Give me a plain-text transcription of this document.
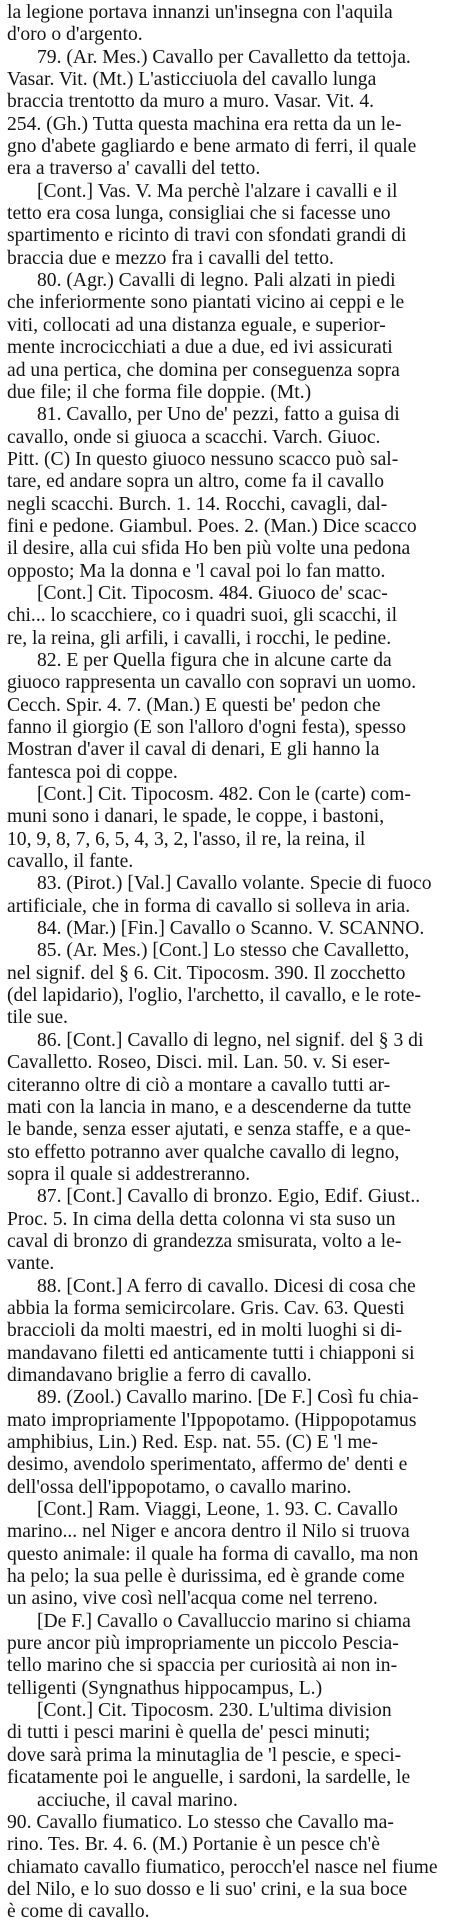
la legione portava innanzi un'insegna con l'aquila
d'oro o d'argento.
79. (Ar. Mes.) Cavallo per Cavalletto da tettoja.
Vasar. Vit. (Mt.) L'asticciuola del cavallo lunga
braccia trentotto da muro a muro. Vasar. Vit. 4.
254. (Gh.) Tutta questa machina era retta da un le-
gno d'abete gagliardo e bene armato di ferri, il quale
era a traverso a' cavalli del tetto.
[Cont.] Vas. V. Ma perchè l'alzare i cavalli e il
tetto era cosa lunga, consigliai che si facesse uno
spartimento e ricinto di travi con sfondati grandi di
braccia due e mezzo fra i cavalli del tetto.
80. (Agr.) Cavalli di legno. Pali alzati in piedi
che inferiormente sono piantati vicino ai ceppi e le
viti, collocati ad una distanza eguale, e superior-
mente incrocicchiati a due a due, ed ivi assicurati
ad una pertica, che domina per conseguenza sopra
due file; il che forma file doppie. (Mt.)
81. Cavallo, per Uno de' pezzi, fatto a guisa di
cavallo, onde si giuoca a scacchi. Varch. Giuoc.
Pitt. (C) In questo giuoco nessuno scacco può sal-
tare, ed andare sopra un altro, come fa il cavallo
negli scacchi. Burch. 1. 14. Rocchi, cavagli, dal-
fini e pedone. Giambul. Poes. 2. (Man.) Dice scacco
il desire, alla cui sfida Ho ben più volte una pedona
opposto; Ma la donna e 'l caval poi lo fan matto.
[Cont.] Cit. Tipocosm. 484. Giuoco de' scac-
chi... lo scacchiere, co i quadri suoi, gli scacchi, il
re, la reina, gli arfili, i cavalli, i rocchi, le pedine.
82. E per Quella figura che in alcune carte da
giuoco rappresenta un cavallo con sopravi un uomo.
Cecch. Spir. 4. 7. (Man.) E questi be' pedon che
fanno il giorgio (E son l'alloro d'ogni festa), spesso
Mostran d'aver il caval di denari, E gli hanno la
fantesca poi di coppe.
[Cont.] Cit. Tipocosm. 482. Con le (carte) com-
muni sono i danari, le spade, le coppe, i bastoni,
10, 9, 8, 7, 6, 5, 4, 3, 2, l'asso, il re, la reina, il
cavallo, il fante.
83. (Pirot.) [Val.] Cavallo volante. Specie di fuoco
artificiale, che in forma di cavallo si solleva in aria.
84. (Mar.) [Fin.] Cavallo o Scanno. V. SCANNO.
85. (Ar. Mes.) [Cont.] Lo stesso che Cavalletto,
nel signif. del § 6. Cit. Tipocosm. 390. Il zocchetto
(del lapidario), l'oglio, l'archetto, il cavallo, e le rote-
tile sue.
86. [Cont.] Cavallo di legno, nel signif. del § 3 di
Cavalletto. Roseo, Disci. mil. Lan. 50. v. Si eser-
citeranno oltre di ciò a montare a cavallo tutti ar-
mati con la lancia in mano, e a descenderne da tutte
le bande, senza esser ajutati, e senza staffe, e a que-
sto effetto potranno aver qualche cavallo di legno,
sopra il quale si addestreranno.
87. [Cont.] Cavallo di bronzo. Egio, Edif. Giust..
Proc. 5. In cima della detta colonna vi sta suso un
caval di bronzo di grandezza smisurata, volto a le-
vante.
88. [Cont.] A ferro di cavallo. Dicesi di cosa che
abbia la forma semicircolare. Gris. Cav. 63. Questi
braccioli da molti maestri, ed in molti luoghi si di-
mandavano filetti ed anticamente tutti i chiapponi si
dimandavano briglie a ferro di cavallo.
89. (Zool.) Cavallo marino. [De F.] Così fu chia-
mato impropriamente l'Ippopotamo. (Hippopotamus
amphibius, Lin.) Red. Esp. nat. 55. (C) E 'l me-
desimo, avendolo sperimentato, affermo de' denti e
dell'ossa dell'ippopotamo, o cavallo marino.
[Cont.] Ram. Viaggi, Leone, 1. 93. C. Cavallo
marino... nel Niger e ancora dentro il Nilo si truova
questo animale: il quale ha forma di cavallo, ma non
ha pelo; la sua pelle è durissima, ed è grande come
un asino, vive così nell'acqua come nel terreno.
[De F.] Cavallo o Cavalluccio marino si chiama
pure ancor più impropriamente un piccolo Pescia-
tello marino che si spaccia per curiosità ai non in-
telligenti (Syngnathus hippocampus, L.)
[Cont.] Cit. Tipocosm. 230. L'ultima division
di tutti i pesci marini è quella de' pesci minuti;
dove sarà prima la minutaglia de 'l pescie, e speci-
ficatamente poi le anguelle, i sardoni, la sardelle, le
acciuche, il caval marino.
90. Cavallo fiumatico. Lo stesso che Cavallo ma-
rino. Tes. Br. 4. 6. (M.) Portanie è un pesce ch'è
chiamato cavallo fiumatico, perocch'el nasce nel fiume
del Nilo, e lo suo dosso e li suo' crini, e la sua boce
è come di cavallo.
